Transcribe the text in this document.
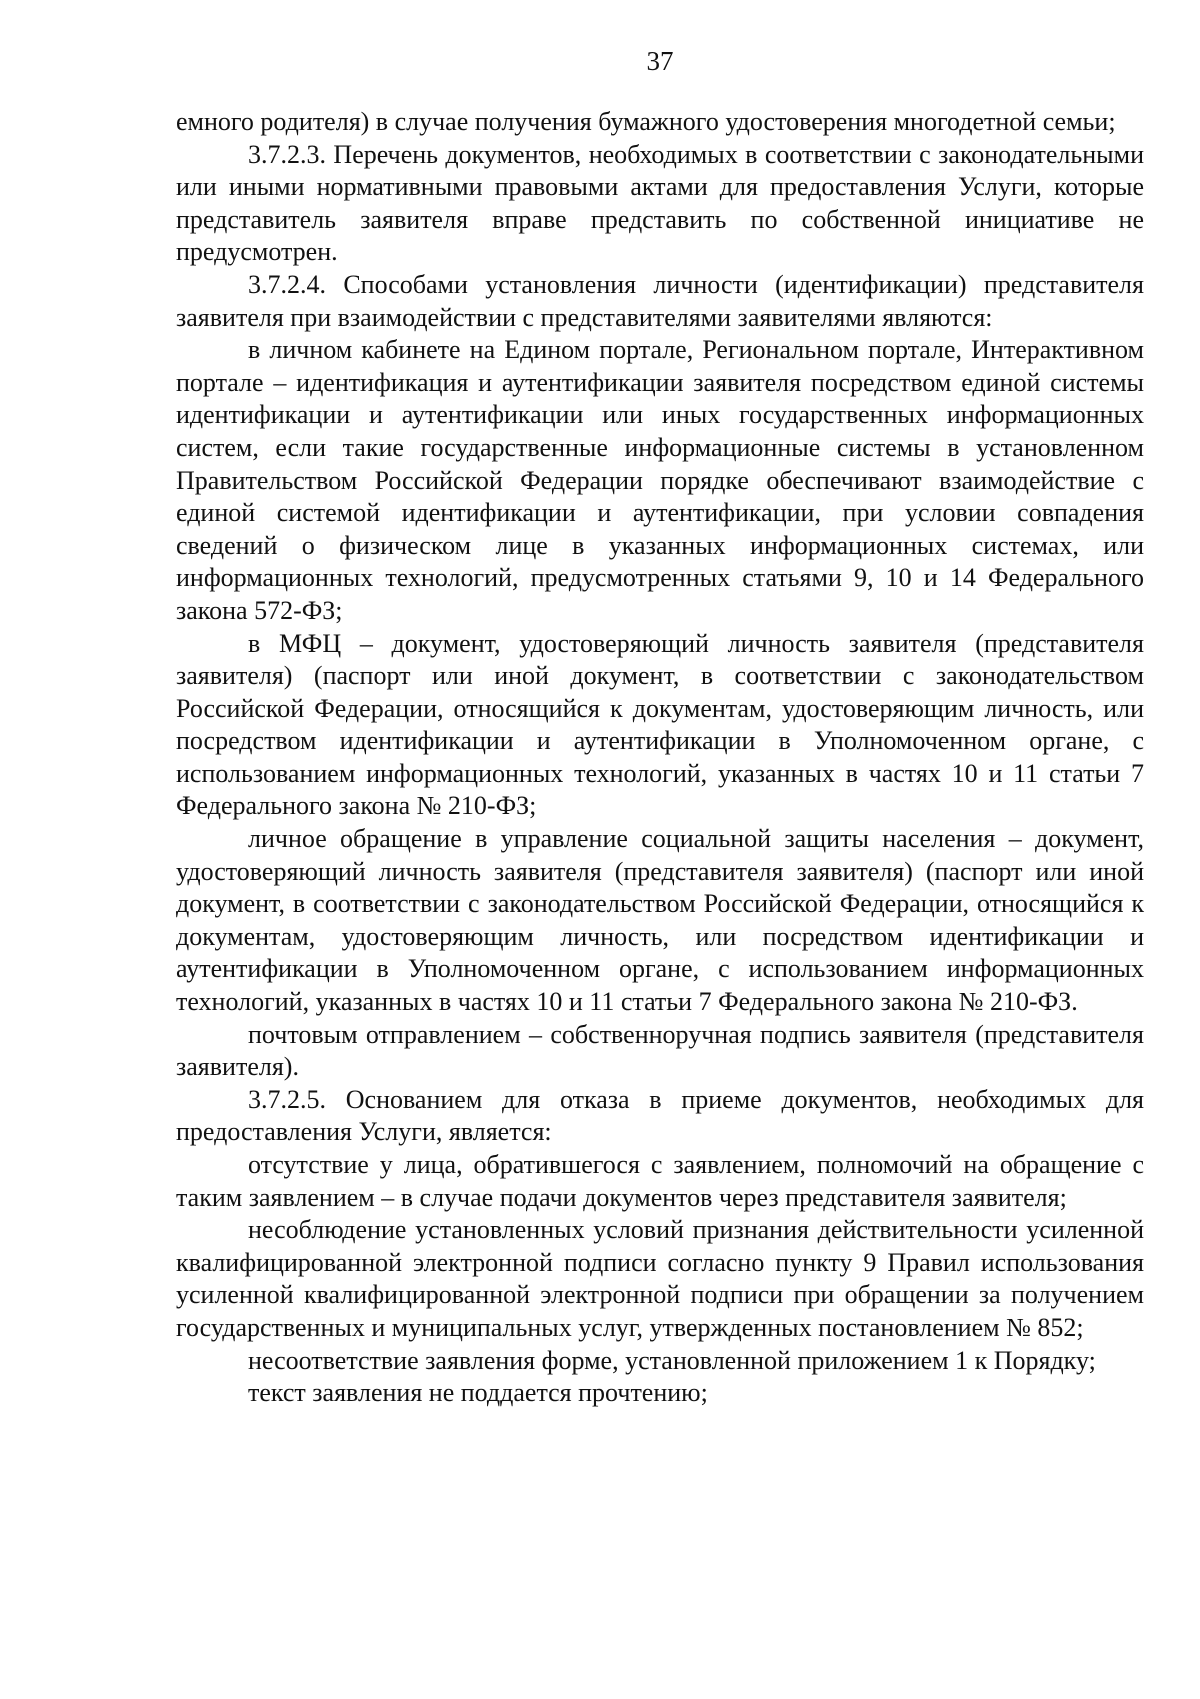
37

емного родителя) в случае получения бумажного удостоверения многодетной семьи;

3.7.2.3. Перечень документов, необходимых в соответствии с законодательными или иными нормативными правовыми актами для предоставления Услуги, которые представитель заявителя вправе представить по собственной инициативе не предусмотрен.

3.7.2.4. Способами установления личности (идентификации) представителя заявителя при взаимодействии с представителями заявителями являются:

в личном кабинете на Едином портале, Региональном портале, Интерактивном портале – идентификация и аутентификации заявителя посредством единой системы идентификации и аутентификации или иных государственных информационных систем, если такие государственные информационные системы в установленном Правительством Российской Федерации порядке обеспечивают взаимодействие с единой системой идентификации и аутентификации, при условии совпадения сведений о физическом лице в указанных информационных системах, или информационных технологий, предусмотренных статьями 9, 10 и 14 Федерального закона 572-ФЗ;

в МФЦ – документ, удостоверяющий личность заявителя (представителя заявителя) (паспорт или иной документ, в соответствии с законодательством Российской Федерации, относящийся к документам, удостоверяющим личность, или посредством идентификации и аутентификации в Уполномоченном органе, с использованием информационных технологий, указанных в частях 10 и 11 статьи 7 Федерального закона № 210-ФЗ;

личное обращение в управление социальной защиты населения – документ, удостоверяющий личность заявителя (представителя заявителя) (паспорт или иной документ, в соответствии с законодательством Российской Федерации, относящийся к документам, удостоверяющим личность, или посредством идентификации и аутентификации в Уполномоченном органе, с использованием информационных технологий, указанных в частях 10 и 11 статьи 7 Федерального закона № 210-ФЗ.

почтовым отправлением – собственноручная подпись заявителя (представителя заявителя).

3.7.2.5. Основанием для отказа в приеме документов, необходимых для предоставления Услуги, является:

отсутствие у лица, обратившегося с заявлением, полномочий на обращение с таким заявлением – в случае подачи документов через представителя заявителя;

несоблюдение установленных условий признания действительности усиленной квалифицированной электронной подписи согласно пункту 9 Правил использования усиленной квалифицированной электронной подписи при обращении за получением государственных и муниципальных услуг, утвержденных постановлением № 852;

несоответствие заявления форме, установленной приложением 1 к Порядку;

текст заявления не поддается прочтению;
